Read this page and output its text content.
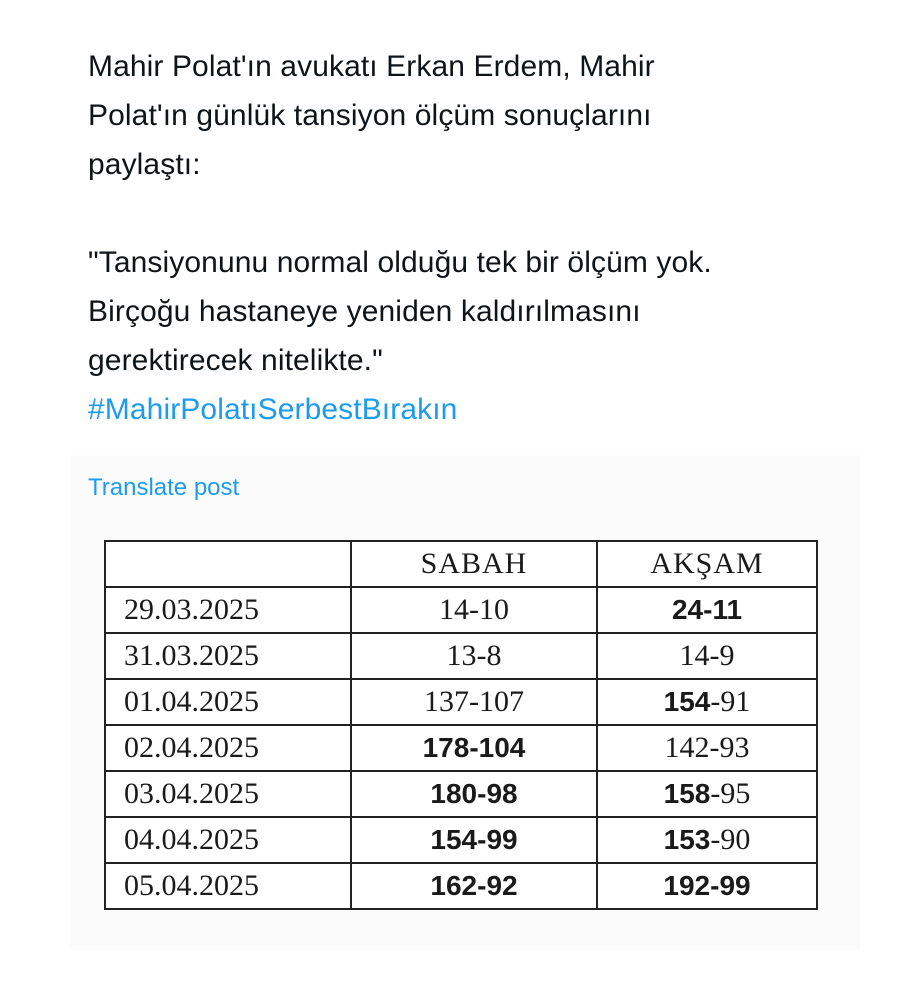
Mahir Polat'ın avukatı Erkan Erdem, Mahir
Polat'ın günlük tansiyon ölçüm sonuçlarını
paylaştı:

"Tansiyonunu normal olduğu tek bir ölçüm yok.
Birçoğu hastaneye yeniden kaldırılmasını
gerektirecek nitelikte."
#MahirPolatıSerbestBırakın

Translate post
	SABAH	AKŞAM
29.03.2025	14-10	24-11
31.03.2025	13-8	14-9
01.04.2025	137-107	154-91
02.04.2025	178-104	142-93
03.04.2025	180-98	158-95
04.04.2025	154-99	153-90
05.04.2025	162-92	192-99
